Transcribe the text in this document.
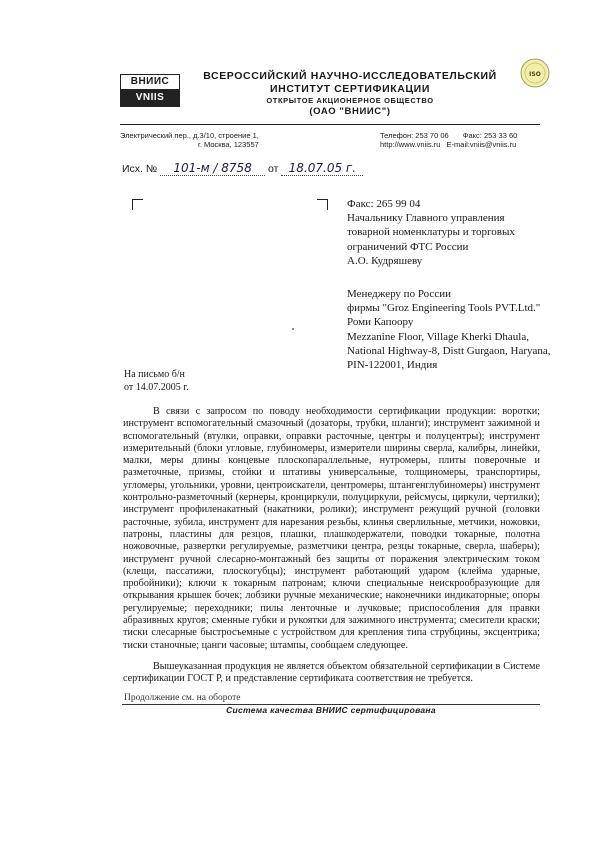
ВНИИС
VNIIS
ВСЕРОССИЙСКИЙ НАУЧНО-ИССЛЕДОВАТЕЛЬСКИЙ
ИНСТИТУТ СЕРТИФИКАЦИИ
ОТКРЫТОЕ АКЦИОНЕРНОЕ ОБЩЕСТВО
(ОАО "ВНИИС")
ISO
Электрический пер., д.3/10, строение 1,
г. Москва, 123557
Телефон: 253 70 06 Факс: 253 33 60
http://www.vniis.ru E-mail:vniis@vniis.ru
Исх. № 101-м / 8758 от 18.07.05 г.
Факс: 265 99 04
Начальнику Главного управления
товарной номенклатуры и торговых
ограничений ФТС России
А.О. Кудряшеву
Менеджеру по России
фирмы "Groz Engineering Tools PVT.Ltd."
Роми Капоору
Mezzanine Floor, Village Kherki Dhaula,
National Highway-8, Distt Gurgaon, Haryana,
PIN-122001, Индия
На письмо б/н
от 14.07.2005 г.
В связи с запросом по поводу необходимости сертификации продукции: воротки; инструмент вспомогательный смазочный (дозаторы, трубки, шланги); инструмент зажимной и вспомогательный (втулки, оправки, оправки расточные, центры и полуцентры); инструмент измерительный (блоки угловые, глубиномеры, измерители ширины сверла, калибры, линейки, малки, меры длины концевые плоскопараллельные, нутромеры, плиты поверочные и разметочные, призмы, стойки и штативы универсальные, толщиномеры, транспортиры, угломеры, угольники, уровни, центроискатели, центромеры, штангенглубиномеры) инструмент контрольно-разметочный (кернеры, кронциркули, полуциркули, рейсмусы, циркули, чертилки); инструмент профиленакатный (накатники, ролики); инструмент режущий ручной (головки расточные, зубила, инструмент для нарезания резьбы, клинья сверлильные, метчики, ножовки, патроны, пластины для резцов, плашки, плашкодержатели, поводки токарные, полотна ножовочные, развертки регулируемые, разметчики центра, резцы токарные, сверла, шаберы); инструмент ручной слесарно-монтажный без защиты от поражения электрическим током (клещи, пассатижи, плоскогубцы); инструмент работающий ударом (клейма ударные, пробойники); ключи к токарным патронам; ключи специальные неискрообразующие для открывания крышек бочек; лобзики ручные механические; наконечники индикаторные; опоры регулируемые; переходники; пилы ленточные и лучковые; приспособления для правки абразивных кругов; сменные губки и рукоятки для зажимного инструмента; смесители краски; тиски слесарные быстросъемные с устройством для крепления типа струбцины, эксцентрика; тиски станочные; цанги часовые; штампы, сообщаем следующее.
Вышеуказанная продукция не является объектом обязательной сертификации в Системе сертификации ГОСТ Р, и представление сертификата соответствия не требуется.
Продолжение см. на обороте
Система качества ВНИИС сертифицирована
